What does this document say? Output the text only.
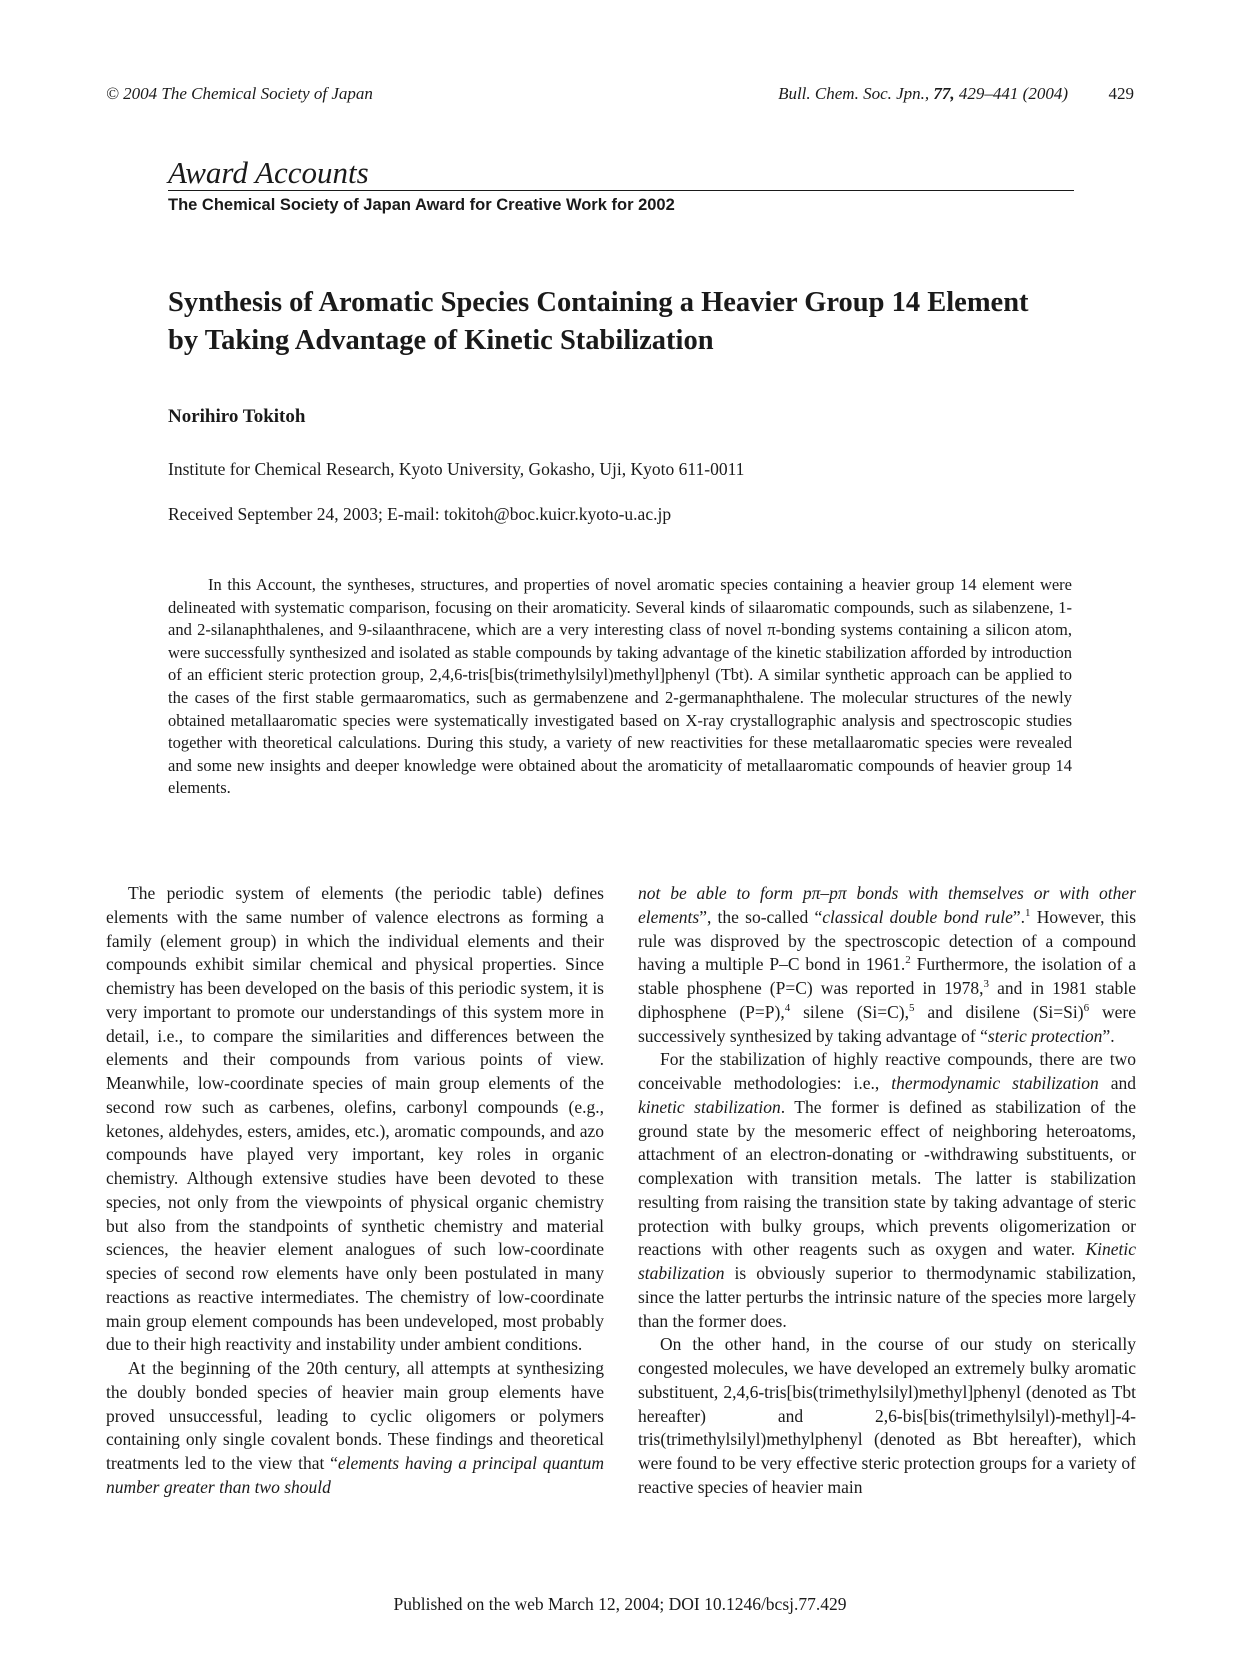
© 2004 The Chemical Society of Japan	Bull. Chem. Soc. Jpn., 77, 429–441 (2004) 429
Award Accounts
The Chemical Society of Japan Award for Creative Work for 2002
Synthesis of Aromatic Species Containing a Heavier Group 14 Element
by Taking Advantage of Kinetic Stabilization
Norihiro Tokitoh
Institute for Chemical Research, Kyoto University, Gokasho, Uji, Kyoto 611-0011
Received September 24, 2003; E-mail: tokitoh@boc.kuicr.kyoto-u.ac.jp
In this Account, the syntheses, structures, and properties of novel aromatic species containing a heavier group 14 element were delineated with systematic comparison, focusing on their aromaticity. Several kinds of silaaromatic compounds, such as silabenzene, 1- and 2-silanaphthalenes, and 9-silaanthracene, which are a very interesting class of novel π-bonding systems containing a silicon atom, were successfully synthesized and isolated as stable compounds by taking advantage of the kinetic stabilization afforded by introduction of an efficient steric protection group, 2,4,6-tris[bis(trimethylsilyl)methyl]phenyl (Tbt). A similar synthetic approach can be applied to the cases of the first stable germaaromatics, such as germabenzene and 2-germanaphthalene. The molecular structures of the newly obtained metallaaromatic species were systematically investigated based on X-ray crystallographic analysis and spectroscopic studies together with theoretical calculations. During this study, a variety of new reactivities for these metallaaromatic species were revealed and some new insights and deeper knowledge were obtained about the aromaticity of metallaaromatic compounds of heavier group 14 elements.

The periodic system of elements (the periodic table) defines elements with the same number of valence electrons as forming a family (element group) in which the individual elements and their compounds exhibit similar chemical and physical properties. Since chemistry has been developed on the basis of this periodic system, it is very important to promote our understandings of this system more in detail, i.e., to compare the similarities and differences between the elements and their compounds from various points of view. Meanwhile, low-coordinate species of main group elements of the second row such as carbenes, olefins, carbonyl compounds (e.g., ketones, aldehydes, esters, amides, etc.), aromatic compounds, and azo compounds have played very important, key roles in organic chemistry. Although extensive studies have been devoted to these species, not only from the viewpoints of physical organic chemistry but also from the standpoints of synthetic chemistry and material sciences, the heavier element analogues of such low-coordinate species of second row elements have only been postulated in many reactions as reactive intermediates. The chemistry of low-coordinate main group element compounds has been undeveloped, most probably due to their high reactivity and instability under ambient conditions.

At the beginning of the 20th century, all attempts at synthesizing the doubly bonded species of heavier main group elements have proved unsuccessful, leading to cyclic oligomers or polymers containing only single covalent bonds. These findings and theoretical treatments led to the view that “elements having a principal quantum number greater than two should

not be able to form pπ–pπ bonds with themselves or with other elements”, the so-called “classical double bond rule”.$^1$ However, this rule was disproved by the spectroscopic detection of a compound having a multiple P–C bond in 1961.$^2$ Furthermore, the isolation of a stable phosphene (P=C) was reported in 1978,$^3$ and in 1981 stable diphosphene (P=P),$^4$ silene (Si=C),$^5$ and disilene (Si=Si)$^6$ were successively synthesized by taking advantage of “steric protection”.

For the stabilization of highly reactive compounds, there are two conceivable methodologies: i.e., thermodynamic stabilization and kinetic stabilization. The former is defined as stabilization of the ground state by the mesomeric effect of neighboring heteroatoms, attachment of an electron-donating or -withdrawing substituents, or complexation with transition metals. The latter is stabilization resulting from raising the transition state by taking advantage of steric protection with bulky groups, which prevents oligomerization or reactions with other reagents such as oxygen and water. Kinetic stabilization is obviously superior to thermodynamic stabilization, since the latter perturbs the intrinsic nature of the species more largely than the former does.

On the other hand, in the course of our study on sterically congested molecules, we have developed an extremely bulky aromatic substituent, 2,4,6-tris[bis(trimethylsilyl)methyl]phenyl (denoted as Tbt hereafter) and 2,6-bis[bis(trimethylsilyl)-methyl]-4-tris(trimethylsilyl)methylphenyl (denoted as Bbt hereafter), which were found to be very effective steric protection groups for a variety of reactive species of heavier main

Published on the web March 12, 2004; DOI 10.1246/bcsj.77.429
